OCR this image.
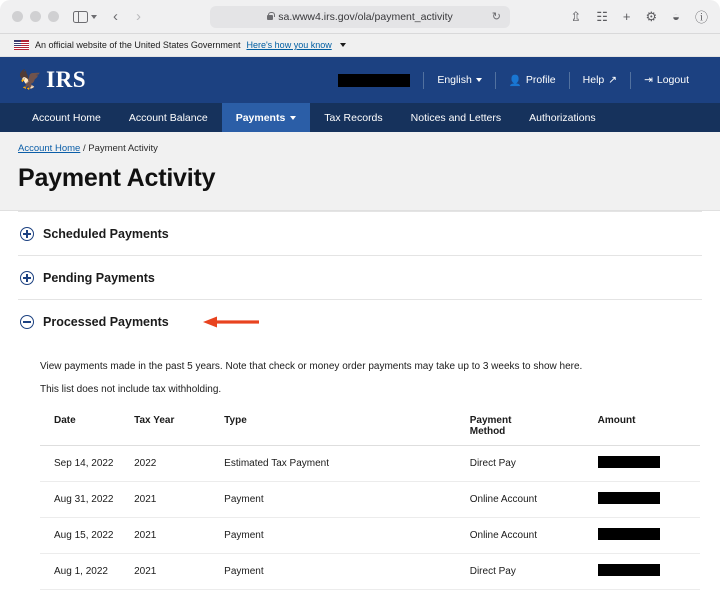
‹ ›	sa.www4.irs.gov/ola/payment_activity	↻	⇫ ☷ + ⚙ ◒ ⓘ
An official website of the United States Government Here's how you know
🦅 IRS	English	👤 Profile	Help ↗	⇥ Logout
Account Home	Account Balance	Payments	Tax Records	Notices and Letters	Authorizations
Account Home / Payment Activity
Payment Activity
Scheduled Payments
Pending Payments
Processed Payments

View payments made in the past 5 years. Note that check or money order payments may take up to 3 weeks to show here.

This list does not include tax withholding.

Date	Tax Year	Type	Payment
Method	Amount
Sep 14, 2022	2022	Estimated Tax Payment	Direct Pay	
Aug 31, 2022	2021	Payment	Online Account	
Aug 15, 2022	2021	Payment	Online Account	
Aug 1, 2022	2021	Payment	Direct Pay	
